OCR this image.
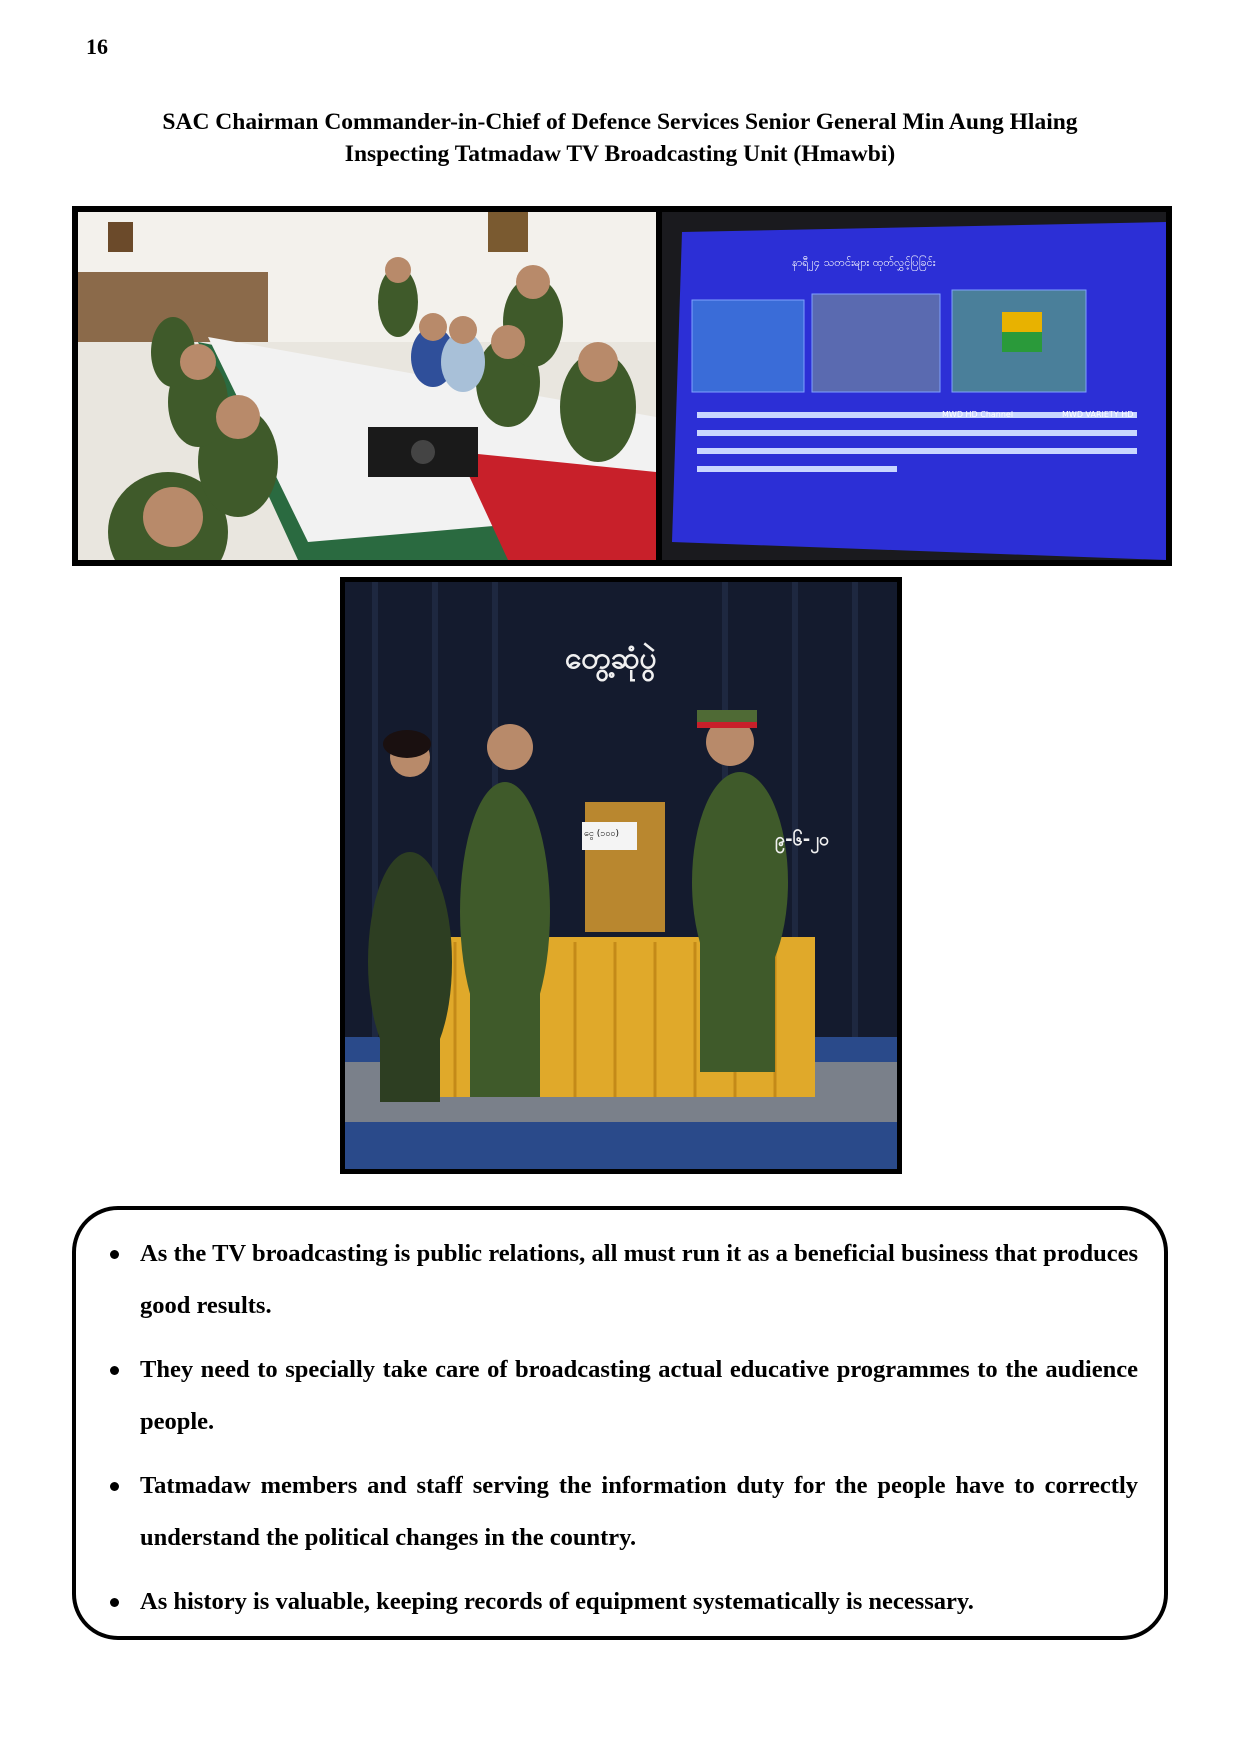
16
SAC Chairman Commander-in-Chief of Defence Services Senior General Min Aung Hlaing
Inspecting Tatmadaw TV Broadcasting Unit (Hmawbi)
နာရီ၂၄ သတင်းများ ထုတ်လွှင့်ပြခြင်း
MWD HD Channel	MWD VARIETY HD
တွေ့ဆုံပွဲ
၉-၆-၂၀
ငွေ (၁၀၀)
As the TV broadcasting is public relations, all must run it as a beneficial business that produces good results.
They need to specially take care of broadcasting actual educative programmes to the audience people.
Tatmadaw members and staff serving the information duty for the people have to correctly understand the political changes in the country.
As history is valuable, keeping records of equipment systematically is necessary.
